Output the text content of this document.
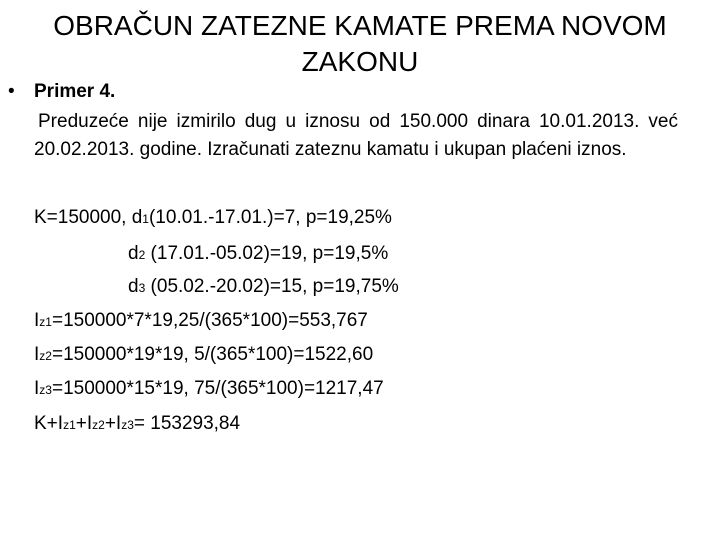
OBRAČUN ZATEZNE KAMATE PREMA NOVOM ZAKONU
• Primer 4.
Preduzeće nije izmirilo dug u iznosu od 150.000 dinara 10.01.2013. već 20.02.2013. godine. Izračunati zateznu kamatu i ukupan plaćeni iznos.
K=150000, d1(10.01.-17.01.)=7, p=19,25%
d2 (17.01.-05.02)=19, p=19,5%
d3 (05.02.-20.02)=15, p=19,75%
Iz1=150000*7*19,25/(365*100)=553,767
Iz2=150000*19*19, 5/(365*100)=1522,60
Iz3=150000*15*19, 75/(365*100)=1217,47
K+Iz1+Iz2+Iz3= 153293,84
